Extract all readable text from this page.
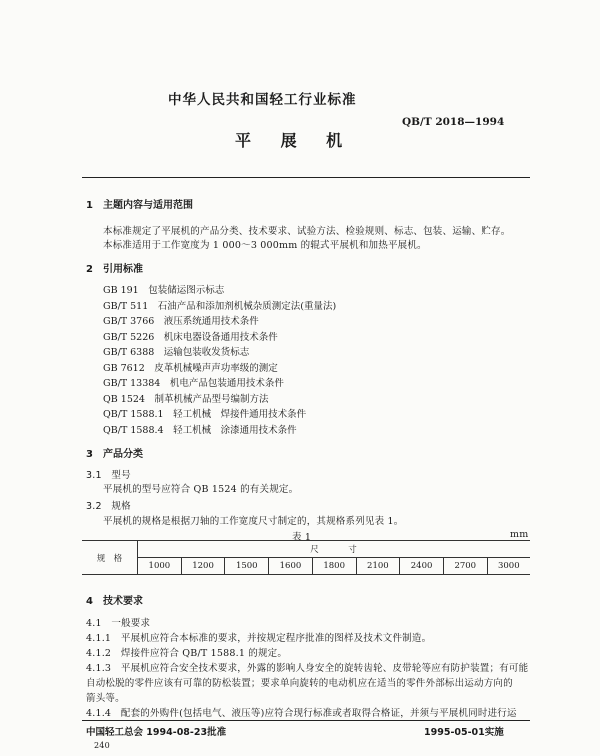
中华人民共和国轻工行业标准
QB/T 2018—1994
平 展 机
1　主题内容与适用范围
本标准规定了平展机的产品分类、技术要求、试验方法、检验规则、标志、包装、运输、贮存。
本标准适用于工作宽度为 1 000～3 000mm 的辊式平展机和加热平展机。
2　引用标准
GB 191　包装储运图示标志
GB/T 511　石油产品和添加剂机械杂质测定法(重量法)
GB/T 3766　液压系统通用技术条件
GB/T 5226　机床电器设备通用技术条件
GB/T 6388　运输包装收发货标志
GB 7612　皮革机械噪声声功率级的测定
GB/T 13384　机电产品包装通用技术条件
QB 1524　制革机械产品型号编制方法
QB/T 1588.1　轻工机械　焊接件通用技术条件
QB/T 1588.4　轻工机械　涂漆通用技术条件
3　产品分类
3.1　型号
平展机的型号应符合 QB 1524 的有关规定。
3.2　规格
平展机的规格是根据刀轴的工作宽度尺寸制定的，其规格系列见表 1。
表 1	mm
规　格	尺　　　寸								
	1000	1200	1500	1600	1800	2100	2400	2700	3000
4　技术要求
4.1　一般要求
4.1.1　平展机应符合本标准的要求，并按规定程序批准的图样及技术文件制造。
4.1.2　焊接件应符合 QB/T 1588.1 的规定。
4.1.3　平展机应符合安全技术要求，外露的影响人身安全的旋转齿轮、皮带轮等应有防护装置；有可能
自动松脱的零件应该有可靠的防松装置；要求单向旋转的电动机应在适当的零件外部标出运动方向的
箭头等。
4.1.4　配套的外购件(包括电气、液压等)应符合现行标准或者取得合格证，并须与平展机同时进行运
中国轻工总会 1994-08-23批准	1995-05-01实施
240
